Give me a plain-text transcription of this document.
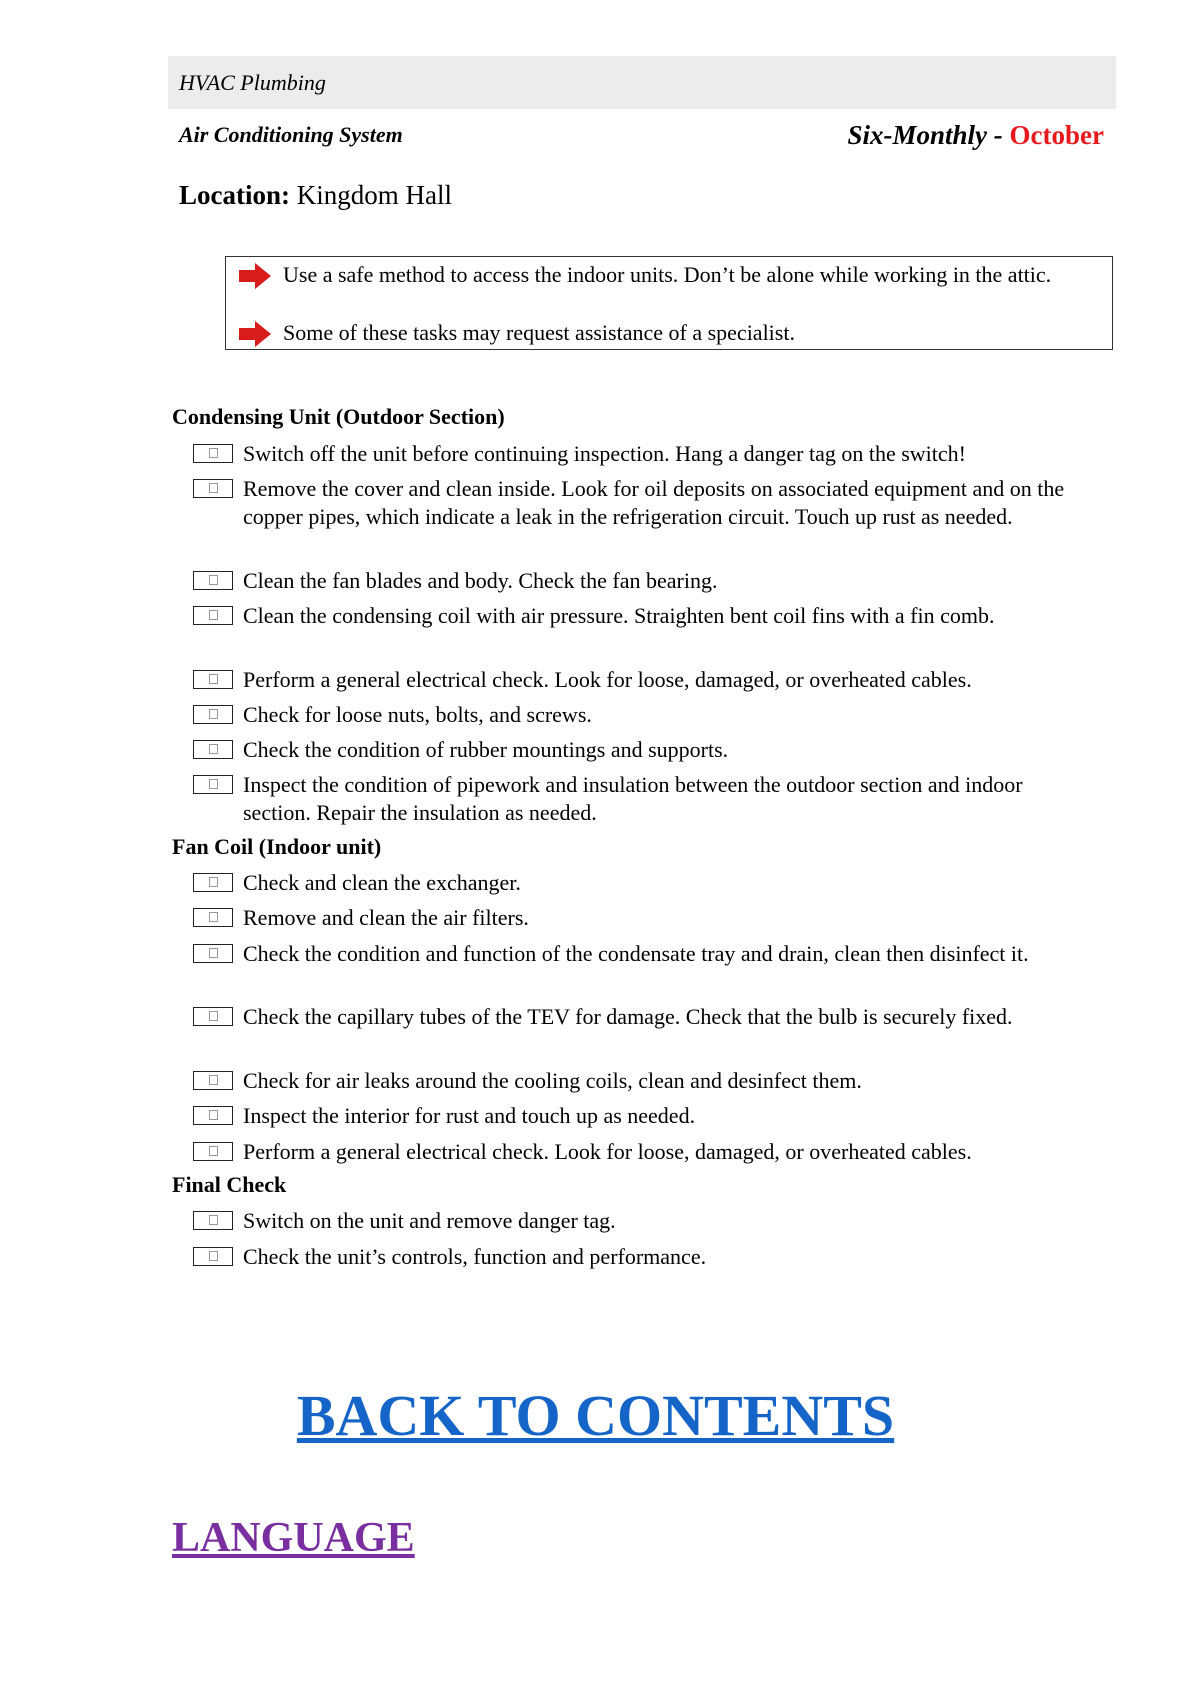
HVAC Plumbing
Air Conditioning System	Six-Monthly - October
Location: Kingdom Hall
Use a safe method to access the indoor units. Don’t be alone while working in the attic.
Some of these tasks may request assistance of a specialist.
Condensing Unit (Outdoor Section)
Switch off the unit before continuing inspection. Hang a danger tag on the switch!
Remove the cover and clean inside. Look for oil deposits on associated equipment and on the copper pipes, which indicate a leak in the refrigeration circuit. Touch up rust as needed.
Clean the fan blades and body. Check the fan bearing.
Clean the condensing coil with air pressure. Straighten bent coil fins with a fin comb.
Perform a general electrical check. Look for loose, damaged, or overheated cables.
Check for loose nuts, bolts, and screws.
Check the condition of rubber mountings and supports.
Inspect the condition of pipework and insulation between the outdoor section and indoor section. Repair the insulation as needed.
Fan Coil (Indoor unit)
Check and clean the exchanger.
Remove and clean the air filters.
Check the condition and function of the condensate tray and drain, clean then disinfect it.
Check the capillary tubes of the TEV for damage. Check that the bulb is securely fixed.
Check for air leaks around the cooling coils, clean and desinfect them.
Inspect the interior for rust and touch up as needed.
Perform a general electrical check. Look for loose, damaged, or overheated cables.
Final Check
Switch on the unit and remove danger tag.
Check the unit’s controls, function and performance.
BACK TO CONTENTS
LANGUAGE
